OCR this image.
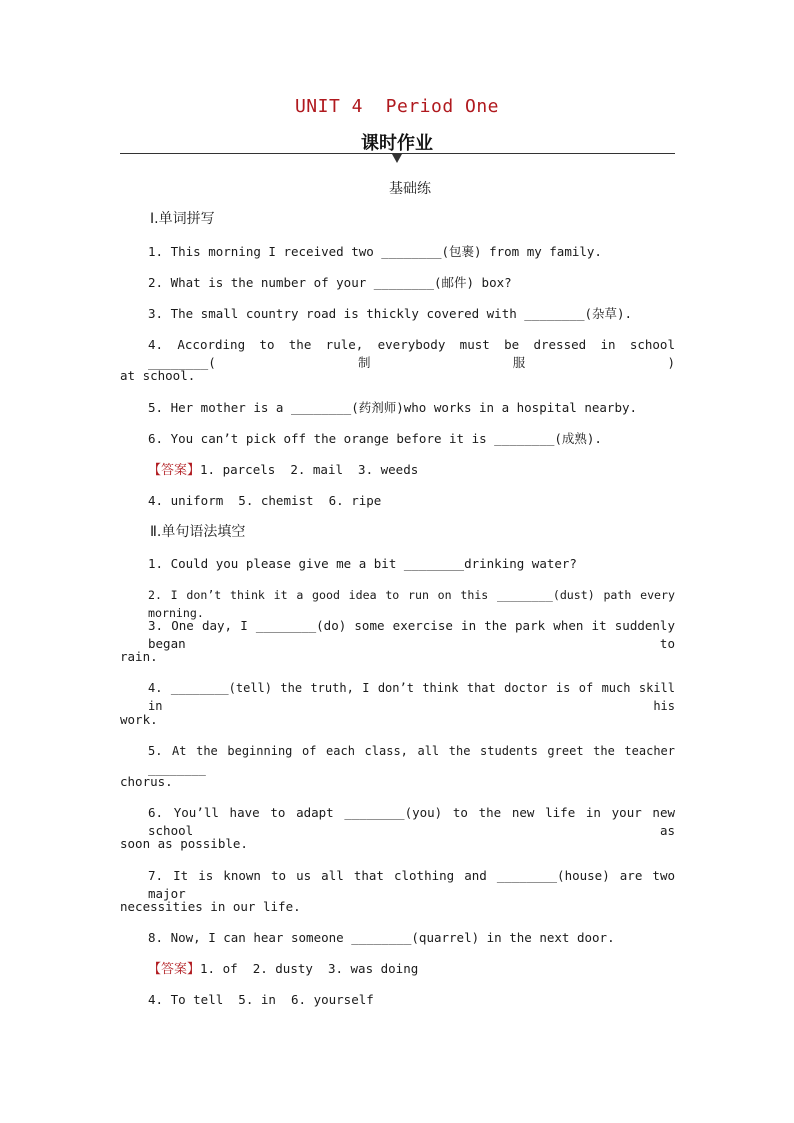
UNIT 4  Period One
课时作业
基础练
Ⅰ.单词拼写
1. This morning I received two ________(包裹) from my family.
2. What is the number of your ________(邮件) box?
3. The small country road is thickly covered with ________(杂草).
4. According to the rule, everybody must be dressed in school ________(制服)
at school.
5. Her mother is a ________(药剂师)who works in a hospital nearby.
6. You can’t pick off the orange before it is ________(成熟).
【答案】1. parcels  2. mail  3. weeds
4. uniform  5. chemist  6. ripe
Ⅱ.单句语法填空
1. Could you please give me a bit ________drinking water?
2. I don’t think it a good idea to run on this ________(dust) path every morning.
3. One day, I ________(do) some exercise in the park when it suddenly began to
rain.
4. ________(tell) the truth, I don’t think that doctor is of much skill in his
work.
5. At the beginning of each class, all the students greet the teacher ________
chorus.
6. You’ll have to adapt ________(you) to the new life in your new school as
soon as possible.
7. It is known to us all that clothing and ________(house) are two major
necessities in our life.
8. Now, I can hear someone ________(quarrel) in the next door.
【答案】1. of  2. dusty  3. was doing
4. To tell  5. in  6. yourself
